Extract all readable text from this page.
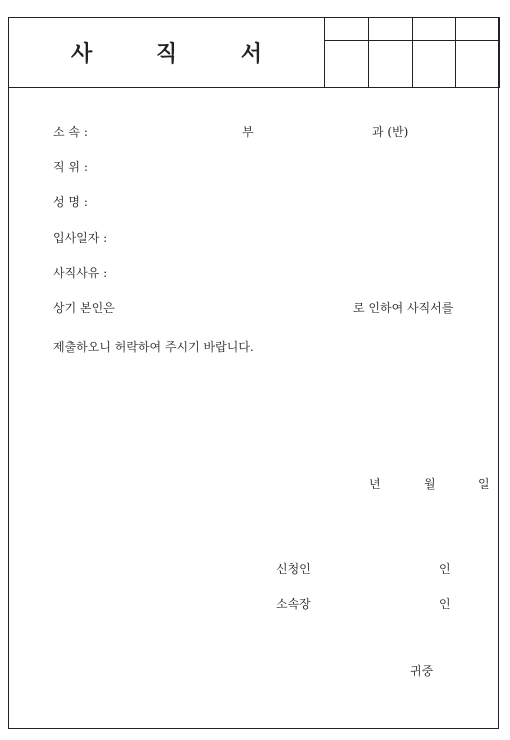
사 직 서

소 속 :	부	과 (반)
직 위 :
성 명 :
입사일자 :
사직사유 :
상기 본인은	로 인하여 사직서를
제출하오니 허락하여 주시기 바랍니다.
년	월	일
신청인	인
소속장	인
귀중
